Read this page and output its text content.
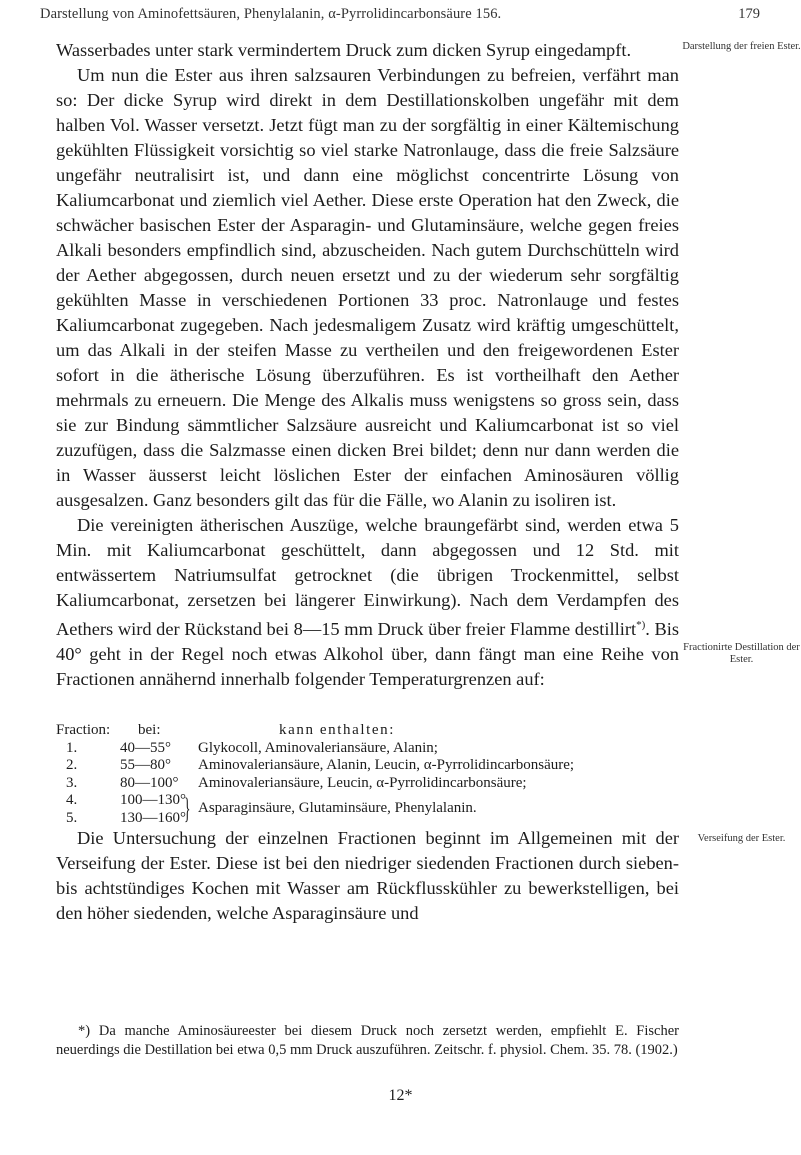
Darstellung von Aminofettsäuren, Phenylalanin, α-Pyrrolidincarbonsäure 156.	179

Wasserbades unter stark vermindertem Druck zum dicken Syrup eingedampft.

Um nun die Ester aus ihren salzsauren Verbindungen zu befreien, verfährt man so: Der dicke Syrup wird direkt in dem Destillationskolben ungefähr mit dem halben Vol. Wasser versetzt. Jetzt fügt man zu der sorgfältig in einer Kältemischung gekühlten Flüssigkeit vorsichtig so viel starke Natronlauge, dass die freie Salzsäure ungefähr neutralisirt ist, und dann eine möglichst concentrirte Lösung von Kaliumcarbonat und ziemlich viel Aether. Diese erste Operation hat den Zweck, die schwächer basischen Ester der Asparagin- und Glutaminsäure, welche gegen freies Alkali besonders empfindlich sind, abzuscheiden. Nach gutem Durchschütteln wird der Aether abgegossen, durch neuen ersetzt und zu der wiederum sehr sorgfältig gekühlten Masse in verschiedenen Portionen 33 proc. Natronlauge und festes Kaliumcarbonat zugegeben. Nach jedesmaligem Zusatz wird kräftig umgeschüttelt, um das Alkali in der steifen Masse zu vertheilen und den freigewordenen Ester sofort in die ätherische Lösung überzuführen. Es ist vortheilhaft den Aether mehrmals zu erneuern. Die Menge des Alkalis muss wenigstens so gross sein, dass sie zur Bindung sämmtlicher Salzsäure ausreicht und Kaliumcarbonat ist so viel zuzufügen, dass die Salzmasse einen dicken Brei bildet; denn nur dann werden die in Wasser äusserst leicht löslichen Ester der einfachen Aminosäuren völlig ausgesalzen. Ganz besonders gilt das für die Fälle, wo Alanin zu isoliren ist.

Die vereinigten ätherischen Auszüge, welche braungefärbt sind, werden etwa 5 Min. mit Kaliumcarbonat geschüttelt, dann abgegossen und 12 Std. mit entwässertem Natriumsulfat getrocknet (die übrigen Trockenmittel, selbst Kaliumcarbonat, zersetzen bei längerer Einwirkung). Nach dem Verdampfen des Aethers wird der Rückstand bei 8—15 mm Druck über freier Flamme destillirt*). Bis 40° geht in der Regel noch etwas Alkohol über, dann fängt man eine Reihe von Fractionen annähernd innerhalb folgender Temperaturgrenzen auf:

Darstellung der freien Ester.
Fractionirte Destillation der Ester.
Verseifung der Ester.
Fraction: bei:	kann enthalten:
1.	40—55° Glykocoll, Aminovaleriansäure, Alanin;
2.	55—80° Aminovaleriansäure, Alanin, Leucin, α-Pyrrolidincarbonsäure;
3.	80—100° Aminovaleriansäure, Leucin, α-Pyrrolidincarbonsäure;
4.	100—130°
5.	130—160°
} Asparaginsäure, Glutaminsäure, Phenylalanin.

Die Untersuchung der einzelnen Fractionen beginnt im Allgemeinen mit der Verseifung der Ester. Diese ist bei den niedriger siedenden Fractionen durch sieben- bis achtstündiges Kochen mit Wasser am Rückflusskühler zu bewerkstelligen, bei den höher siedenden, welche Asparaginsäure und

*) Da manche Aminosäureester bei diesem Druck noch zersetzt werden, empfiehlt E. Fischer neuerdings die Destillation bei etwa 0,5 mm Druck auszuführen. Zeitschr. f. physiol. Chem. 35. 78. (1902.)

12*
